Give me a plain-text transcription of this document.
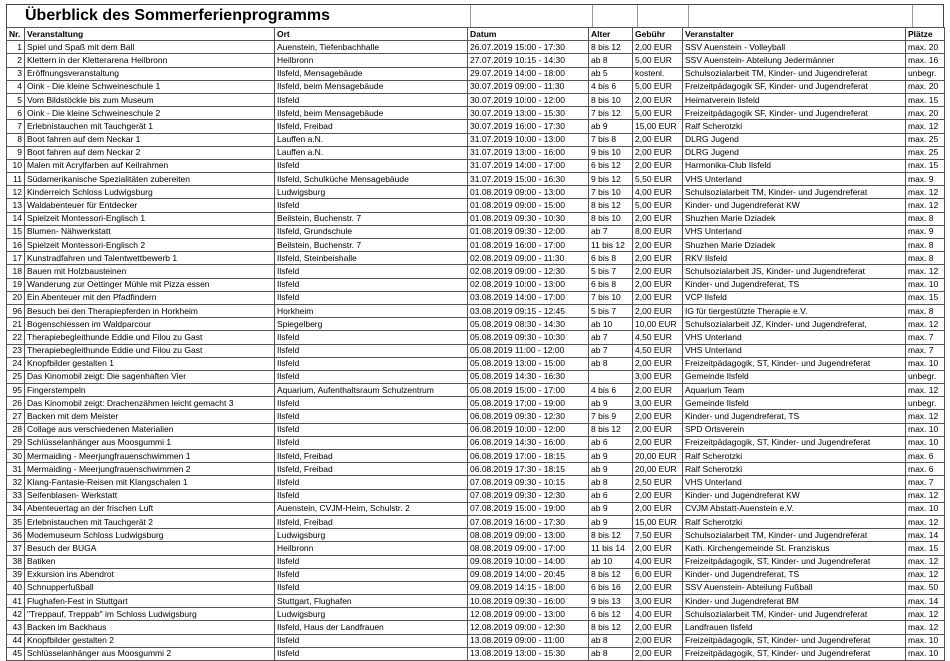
Überblick des Sommerferienprogramms
Nr.	Veranstaltung	Ort	Datum	Alter	Gebühr	Veranstalter	Plätze
1	Spiel und Spaß mit dem Ball	Auenstein, Tiefenbachhalle	26.07.2019 15:00 - 17:30	8 bis 12	2,00 EUR	SSV Auenstein - Volleyball	max. 20
2	Klettern in der Kletterarena Heilbronn	Heilbronn	27.07.2019 10:15 - 14:30	ab 8	5,00 EUR	SSV Auenstein- Abteilung Jedermänner	max. 16
3	Eröffnungsveranstaltung	Ilsfeld, Mensagebäude	29.07.2019 14:00 - 18:00	ab 5	kostenl.	Schulsozialarbeit TM, Kinder- und Jugendreferat	unbegr.
4	Oink - Die kleine Schweineschule 1	Ilsfeld, beim Mensagebäude	30.07.2019 09:00 - 11:30	4 bis 6	5,00 EUR	Freizeitpädagogik SF, Kinder- und Jugendreferat	max. 20
5	Vom Bildstöckle bis zum Museum	Ilsfeld	30.07.2019 10:00 - 12:00	8 bis 10	2,00 EUR	Heimatverein Ilsfeld	max. 15
6	Oink - Die kleine Schweineschule 2	Ilsfeld, beim Mensagebäude	30.07.2019 13:00 - 15:30	7 bis 12	5,00 EUR	Freizeitpädagogik SF, Kinder- und Jugendreferat	max. 20
7	Erlebnistauchen mit Tauchgerät 1	Ilsfeld, Freibad	30.07.2019 16:00 - 17:30	ab 9	15,00 EUR	Ralf Scherotzki	max. 12
8	Boot fahren auf dem Neckar 1	Lauffen a.N.	31.07.2019 10:00 - 13:00	7 bis 8	2,00 EUR	DLRG Jugend	max. 25
9	Boot fahren auf dem Neckar 2	Lauffen a.N.	31.07.2019 13:00 - 16:00	9 bis 10	2,00 EUR	DLRG Jugend	max. 25
10	Malen mit Acrylfarben auf Keilrahmen	Ilsfeld	31.07.2019 14:00 - 17:00	6 bis 12	2,00 EUR	Harmonika-Club Ilsfeld	max. 15
11	Südamerikanische Spezialitäten zubereiten	Ilsfeld, Schulküche Mensagebäude	31.07.2019 15:00 - 16:30	9 bis 12	5,50 EUR	VHS Unterland	max. 9
12	Kinderreich Schloss Ludwigsburg	Ludwigsburg	01.08.2019 09:00 - 13:00	7 bis 10	4,00 EUR	Schulsozialarbeit TM, Kinder- und Jugendreferat	max. 12
13	Waldabenteuer für Entdecker	Ilsfeld	01.08.2019 09:00 - 15:00	8 bis 12	5,00 EUR	Kinder- und Jugendreferat KW	max. 12
14	Spielzeit Montessori-Englisch 1	Beilstein, Buchenstr. 7	01.08.2019 09:30 - 10:30	8 bis 10	2,00 EUR	Shuzhen Marie Dziadek	max. 8
15	Blumen- Nähwerkstatt	Ilsfeld, Grundschule	01.08.2019 09:30 - 12:00	ab 7	8,00 EUR	VHS Unterland	max. 9
16	Spielzeit Montessori-Englisch 2	Beilstein, Buchenstr. 7	01.08.2019 16:00 - 17:00	11 bis 12	2,00 EUR	Shuzhen Marie Dziadek	max. 8
17	Kunstradfahren und Talentwettbewerb 1	Ilsfeld, Steinbeishalle	02.08.2019 09:00 - 11:30	6 bis 8	2,00 EUR	RKV Ilsfeld	max. 8
18	Bauen mit Holzbausteinen	Ilsfeld	02.08.2019 09:00 - 12:30	5 bis 7	2,00 EUR	Schulsozialarbeit JS, Kinder- und Jugendreferat	max. 12
19	Wanderung zur Oettinger Mühle mit Pizza essen	Ilsfeld	02.08.2019 10:00 - 13:00	6 bis 8	2,00 EUR	Kinder- und Jugendreferat, TS	max. 10
20	Ein Abenteuer mit den Pfadfindern	Ilsfeld	03.08.2019 14:00 - 17:00	7 bis 10	2,00 EUR	VCP Ilsfeld	max. 15
96	Besuch bei den Therapiepferden in Horkheim	Horkheim	03.08.2019 09:15 - 12:45	5 bis 7	2,00 EUR	IG für tiergestützte Therapie e.V.	max. 8
21	Bogenschiessen im Waldparcour	Spiegelberg	05.08.2019 08:30 - 14:30	ab 10	10,00 EUR	Schulsozialarbeit JZ, Kinder- und Jugendreferat,	max. 12
22	Therapiebegleithunde Eddie und Filou zu Gast	Ilsfeld	05.08.2019 09:30 - 10:30	ab 7	4,50 EUR	VHS Unterland	max. 7
23	Therapiebegleithunde Eddie und Filou zu Gast	Ilsfeld	05.08.2019 11:00 - 12:00	ab 7	4,50 EUR	VHS Unterland	max. 7
24	Knopfbilder gestalten 1	Ilsfeld	05.08.2019 13:00 - 15:00	ab 8	2,00 EUR	Freizeitpädagogik, ST, Kinder- und Jugendreferat	max. 10
25	Das Kinomobil zeigt: Die sagenhaften Vier	Ilsfeld	05.08.2019 14:30 - 16:30		3,00 EUR	Gemeinde Ilsfeld	unbegr.
95	Fingerstempeln	Aquarium, Aufenthaltsraum Schulzentrum	05.08.2019 15:00 - 17:00	4 bis 6	2,00 EUR	Aquarium Team	max. 12
26	Das Kinomobil zeigt: Drachenzähmen leicht gemacht 3	Ilsfeld	05.08.2019 17:00 - 19:00	ab 9	3,00 EUR	Gemeinde Ilsfeld	unbegr.
27	Backen mit dem Meister	Ilsfeld	06.08.2019 09:30 - 12:30	7 bis 9	2,00 EUR	Kinder- und Jugendreferat, TS	max. 12
28	Collage aus verschiedenen Materialien	Ilsfeld	06.08.2019 10:00 - 12:00	8 bis 12	2,00 EUR	SPD Ortsverein	max. 10
29	Schlüsselanhänger aus Moosgummi 1	Ilsfeld	06.08.2019 14:30 - 16:00	ab 6	2,00 EUR	Freizeitpädagogik, ST, Kinder- und Jugendreferat	max. 10
30	Mermaiding - Meerjungfrauenschwimmen 1	Ilsfeld, Freibad	06.08.2019 17:00 - 18:15	ab 9	20,00 EUR	Ralf Scherotzki	max. 6
31	Mermaiding - Meerjungfrauenschwimmen 2	Ilsfeld, Freibad	06.08.2019 17:30 - 18:15	ab 9	20,00 EUR	Ralf Scherotzki	max. 6
32	Klang-Fantasie-Reisen mit Klangschalen 1	Ilsfeld	07.08.2019 09:30 - 10:15	ab 8	2,50 EUR	VHS Unterland	max. 7
33	Seifenblasen- Werkstatt	Ilsfeld	07.08.2019 09:30 - 12:30	ab 6	2,00 EUR	Kinder- und Jugendreferat KW	max. 12
34	Abenteuertag an der frischen Luft	Auenstein, CVJM-Heim, Schulstr. 2	07.08.2019 15:00 - 19:00	ab 9	2,00 EUR	CVJM Abstatt-Auenstein e.V.	max. 10
35	Erlebnistauchen mit Tauchgerät 2	Ilsfeld, Freibad	07.08.2019 16:00 - 17:30	ab 9	15,00 EUR	Ralf Scherotzki	max. 12
36	Modemuseum Schloss Ludwigsburg	Ludwigsburg	08.08.2019 09:00 - 13:00	8 bis 12	7,50 EUR	Schulsozialarbeit TM, Kinder- und Jugendreferat	max. 14
37	Besuch der BUGA	Heilbronn	08.08.2019 09:00 - 17:00	11 bis 14	2,00 EUR	Kath. Kirchengemeinde St. Franziskus	max. 15
38	Batiken	Ilsfeld	09.08.2019 10:00 - 14:00	ab 10	4,00 EUR	Freizeitpädagogik, ST, Kinder- und Jugendreferat	max. 12
39	Exkursion ins Abendrot	Ilsfeld	09.08.2019 14:00 - 20:45	8 bis 12	6,00 EUR	Kinder- und Jugendreferat, TS	max. 12
40	Schnupperfußball	Ilsfeld	09.08.2019 14:15 - 18:00	6 bis 16	2,00 EUR	SSV Auenstein- Abteilung Fußball	max. 50
41	Flughafen-Fest in Stuttgart	Stuttgart, Flughafen	10.08.2019 09:30 - 16:00	9 bis 13	3,00 EUR	Kinder- und Jugendreferat BM	max. 14
42	"Treppauf, Treppab" im Schloss Ludwigsburg	Ludwigsburg	12.08.2019 09:00 - 13:00	6 bis 12	4,00 EUR	Schulsozialarbeit TM, Kinder- und Jugendreferat	max. 12
43	Backen im Backhaus	Ilsfeld, Haus der Landfrauen	12.08.2019 09:00 - 12:30	8 bis 12	2,00 EUR	Landfrauen Ilsfeld	max. 12
44	Knopfbilder gestalten 2	Ilsfeld	13.08.2019 09:00 - 11:00	ab 8	2,00 EUR	Freizeitpädagogik, ST, Kinder- und Jugendreferat	max. 10
45	Schlüsselanhänger aus Moosgummi 2	Ilsfeld	13.08.2019 13:00 - 15:30	ab 8	2,00 EUR	Freizeitpädagogik, ST, Kinder- und Jugendreferat	max. 10
